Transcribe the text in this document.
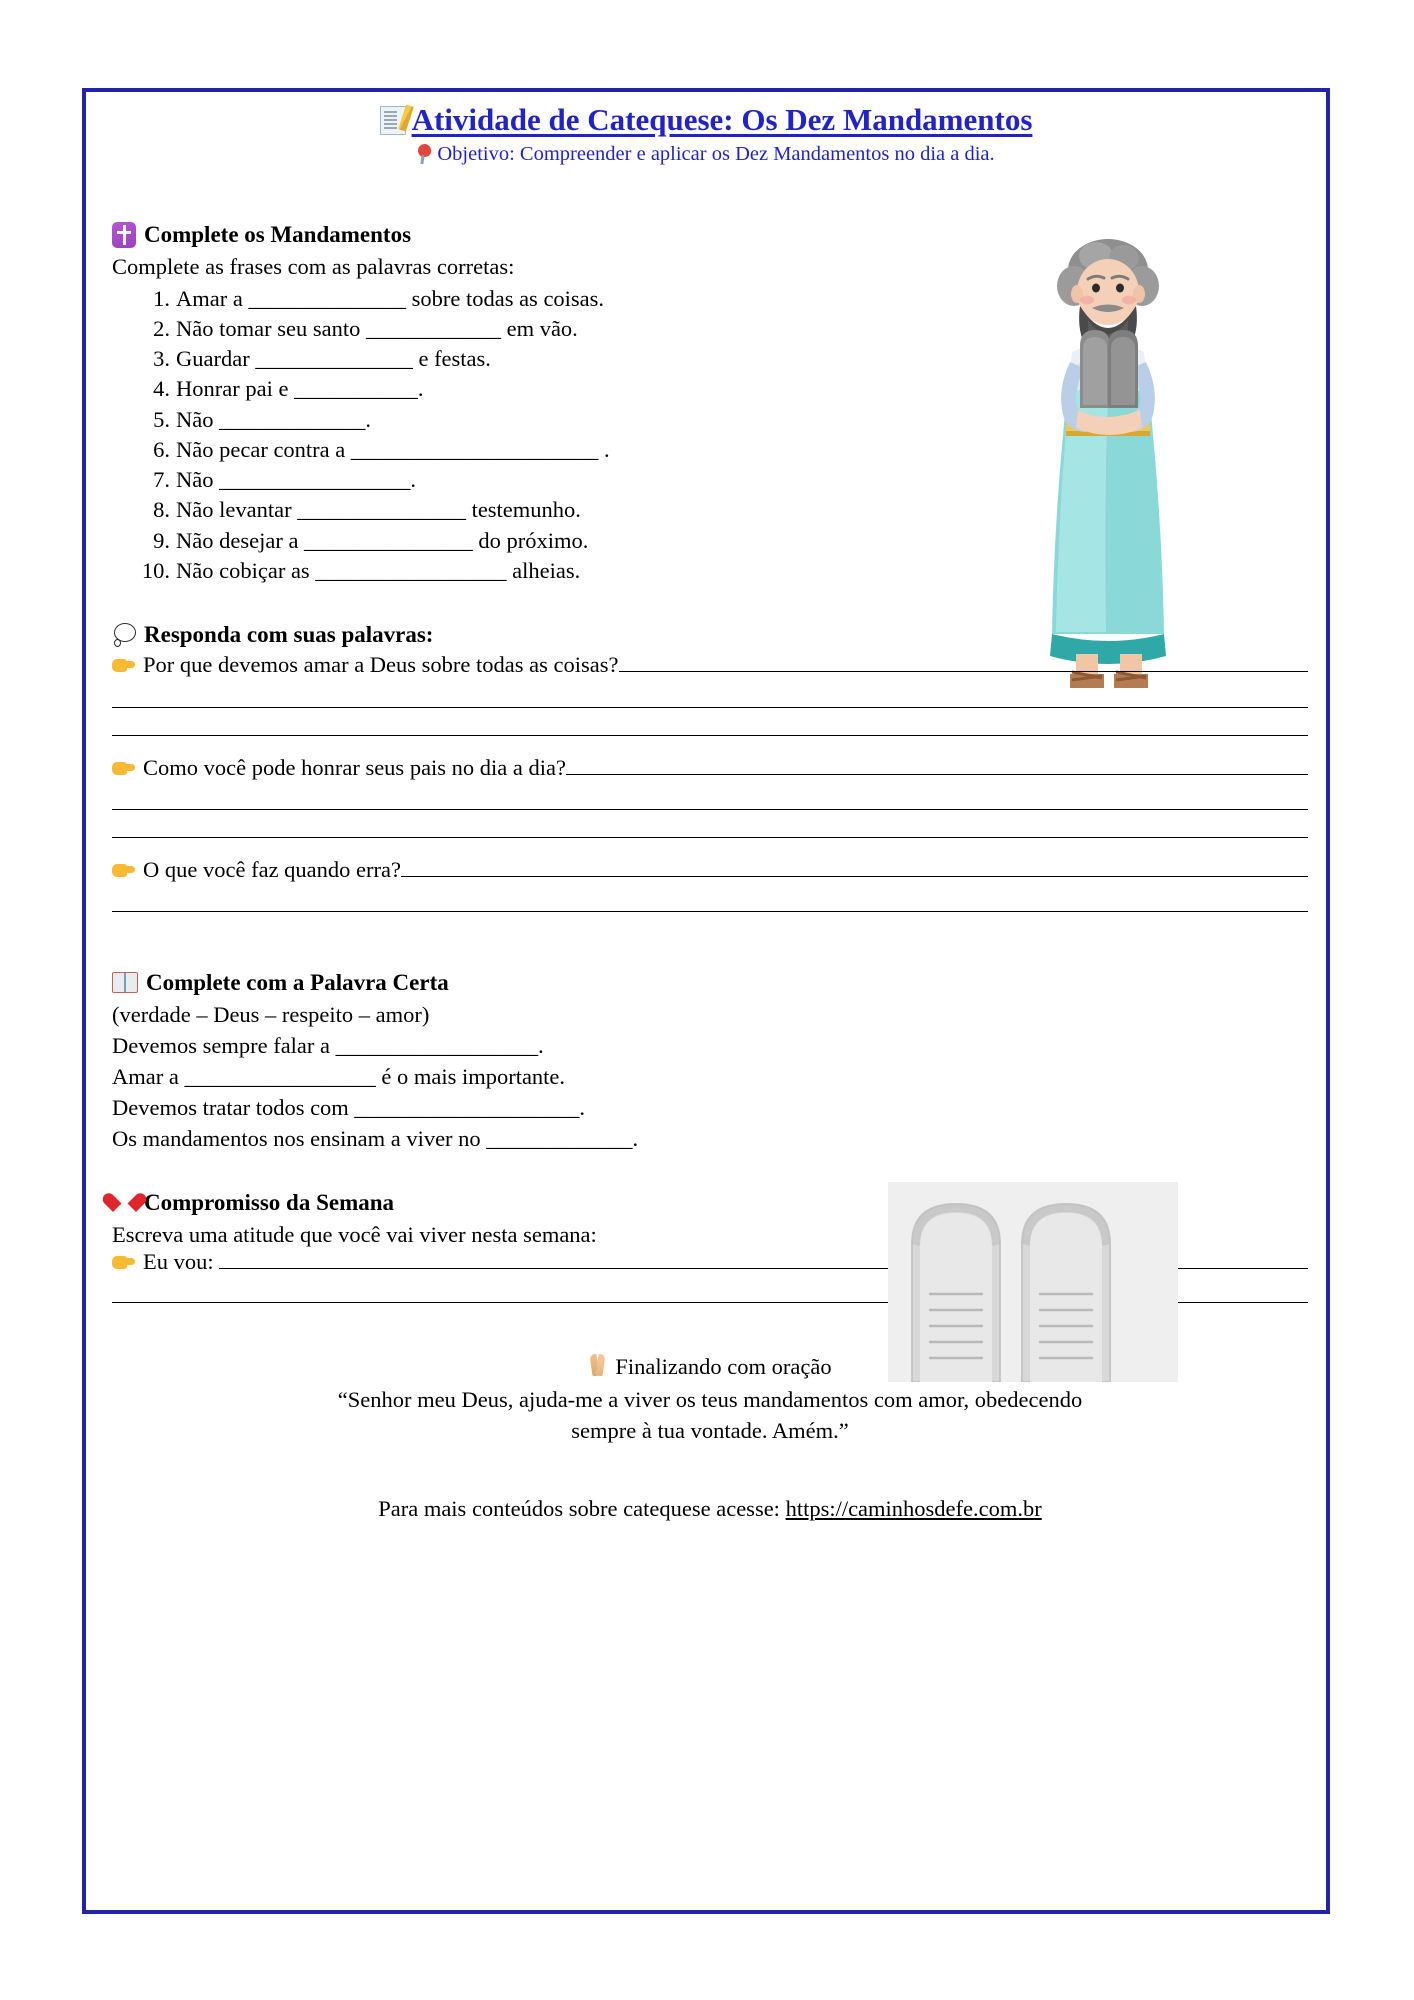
Atividade de Catequese: Os Dez Mandamentos
Objetivo: Compreender e aplicar os Dez Mandamentos no dia a dia.
Complete os Mandamentos

Complete as frases com as palavras corretas:

Amar a ______________ sobre todas as coisas.
Não tomar seu santo ____________ em vão.
Guardar ______________ e festas.
Honrar pai e ___________.
Não _____________.
Não pecar contra a ______________________ .
Não _________________.
Não levantar _______________ testemunho.
Não desejar a _______________ do próximo.
Não cobiçar as _________________ alheias.
Responda com suas palavras:
Por que devemos amar a Deus sobre todas as coisas?
Como você pode honrar seus pais no dia a dia?
O que você faz quando erra?
Complete com a Palavra Certa
(verdade – Deus – respeito – amor)
Devemos sempre falar a __________________.
Amar a _________________ é o mais importante.
Devemos tratar todos com ____________________.
Os mandamentos nos ensinam a viver no _____________.
Compromisso da Semana

Escreva uma atitude que você vai viver nesta semana:

Eu vou:
Finalizando com oração
“Senhor meu Deus, ajuda-me a viver os teus mandamentos com amor, obedecendo
sempre à tua vontade. Amém.”
Para mais conteúdos sobre catequese acesse: https://caminhosdefe.com.br
